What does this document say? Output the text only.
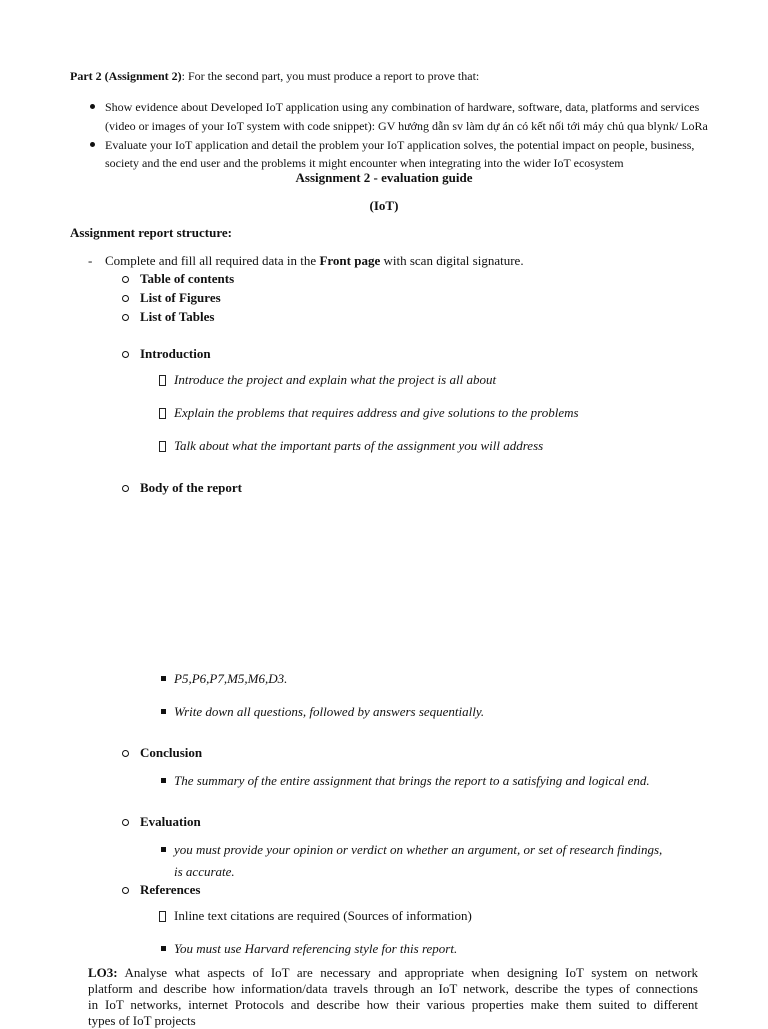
Part 2 (Assignment 2): For the second part, you must produce a report to prove that:
Show evidence about Developed IoT application using any combination of hardware, software, data, platforms and services
(video or images of your IoT system with code snippet): GV hướng dẫn sv làm dự án có kết nối tới máy chủ qua blynk/ LoRa
Evaluate your IoT application and detail the problem your IoT application solves, the potential impact on people, business,
society and the end user and the problems it might encounter when integrating into the wider IoT ecosystem
Assignment 2 - evaluation guide
(IoT)
Assignment report structure:
- Complete and fill all required data in the Front page with scan digital signature.
Table of contents
List of Figures
List of Tables
Introduction
Introduce the project and explain what the project is all about
Explain the problems that requires address and give solutions to the problems
Talk about what the important parts of the assignment you will address
Body of the report
P5,P6,P7,M5,M6,D3.
Write down all questions, followed by answers sequentially.
Conclusion
The summary of the entire assignment that brings the report to a satisfying and logical end.
Evaluation
you must provide your opinion or verdict on whether an argument, or set of research findings,
is accurate.
References
Inline text citations are required (Sources of information)
You must use Harvard referencing style for this report.
LO3: Analyse what aspects of IoT are necessary and appropriate when designing IoT system on network
platform and describe how information/data travels through an IoT network, describe the types of connections
in IoT networks, internet Protocols and describe how their various properties make them suited to different
types of IoT projects
